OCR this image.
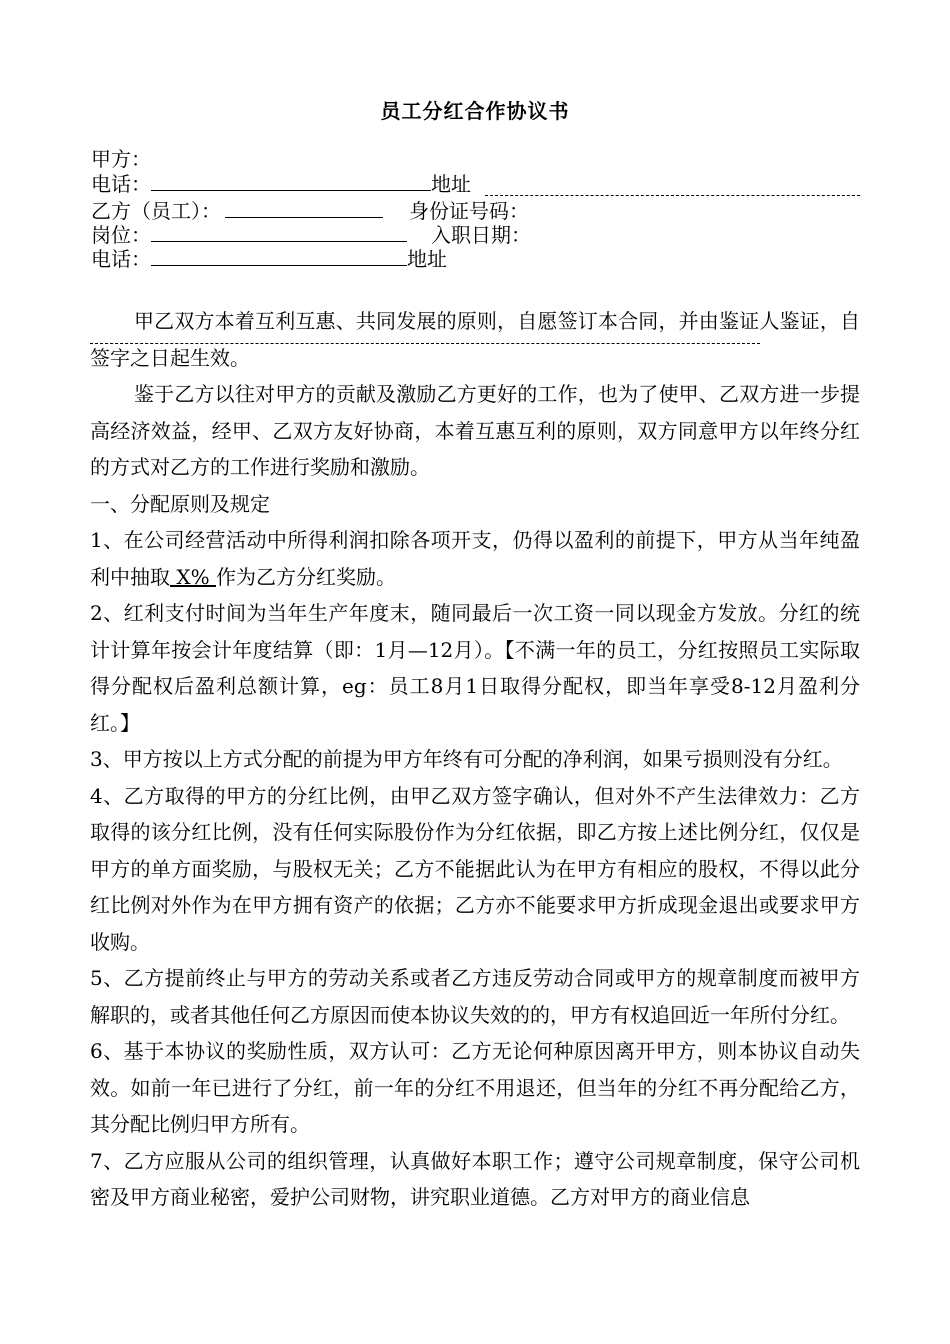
员工分红合作协议书
甲方：
电话：	地址
乙方（员工）：	身份证号码：
岗位：	入职日期：
电话：	地址

甲乙双方本着互利互惠、共同发展的原则，自愿签订本合同，并由鉴证人鉴证，自签字之日起生效。

鉴于乙方以往对甲方的贡献及激励乙方更好的工作，也为了使甲、乙双方进一步提高经济效益，经甲、乙双方友好协商，本着互惠互利的原则，双方同意甲方以年终分红的方式对乙方的工作进行奖励和激励。

一、分配原则及规定

1、在公司经营活动中所得利润扣除各项开支，仍得以盈利的前提下，甲方从当年纯盈利中抽取 X% 作为乙方分红奖励。

2、红利支付时间为当年生产年度末，随同最后一次工资一同以现金方发放。分红的统计计算年按会计年度结算（即：1月—12月）。【不满一年的员工，分红按照员工实际取得分配权后盈利总额计算，eg：员工8月1日取得分配权，即当年享受8-12月盈利分红。】

3、甲方按以上方式分配的前提为甲方年终有可分配的净利润，如果亏损则没有分红。

4、乙方取得的甲方的分红比例，由甲乙双方签字确认，但对外不产生法律效力：乙方取得的该分红比例，没有任何实际股份作为分红依据，即乙方按上述比例分红，仅仅是甲方的单方面奖励，与股权无关；乙方不能据此认为在甲方有相应的股权，不得以此分红比例对外作为在甲方拥有资产的依据；乙方亦不能要求甲方折成现金退出或要求甲方收购。

5、乙方提前终止与甲方的劳动关系或者乙方违反劳动合同或甲方的规章制度而被甲方解职的，或者其他任何乙方原因而使本协议失效的的，甲方有权追回近一年所付分红。

6、基于本协议的奖励性质，双方认可：乙方无论何种原因离开甲方，则本协议自动失效。如前一年已进行了分红，前一年的分红不用退还，但当年的分红不再分配给乙方，其分配比例归甲方所有。

7、乙方应服从公司的组织管理，认真做好本职工作；遵守公司规章制度，保守公司机密及甲方商业秘密，爱护公司财物，讲究职业道德。乙方对甲方的商业信息
